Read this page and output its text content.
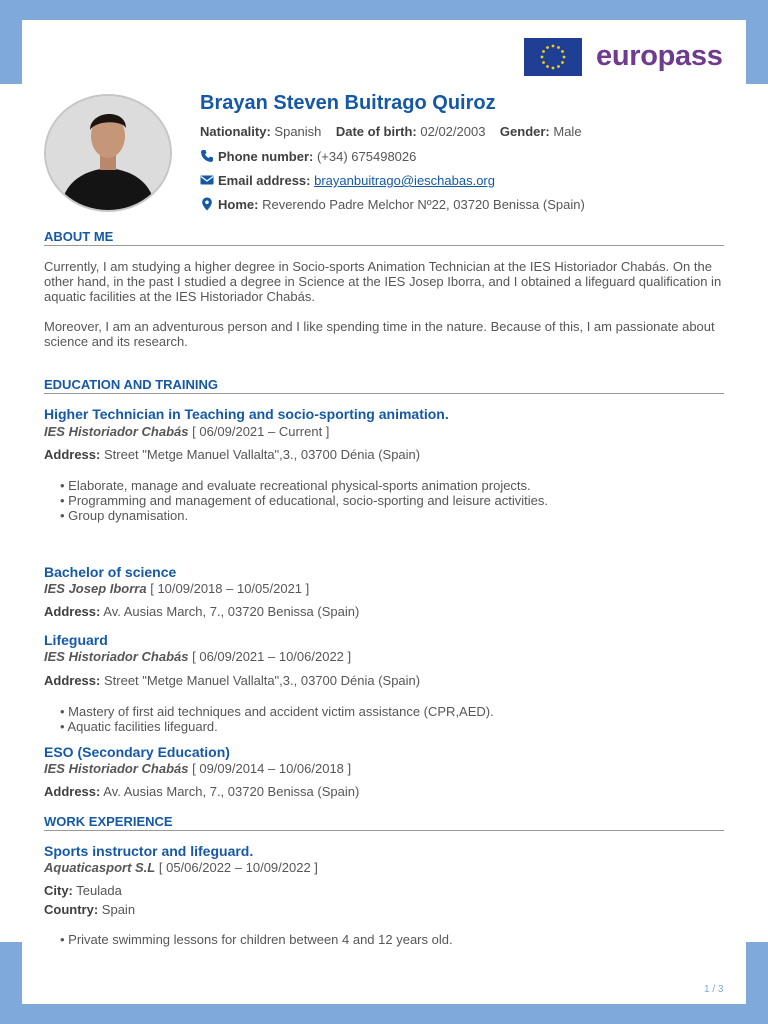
europass
Brayan Steven Buitrago Quiroz
Nationality: Spanish Date of birth: 02/02/2003 Gender: Male
Phone number: (+34) 675498026
Email address: brayanbuitrago@ieschabas.org
Home: Reverendo Padre Melchor Nº22, 03720 Benissa (Spain)
ABOUT ME
Currently, I am studying a higher degree in Socio-sports Animation Technician at the IES Historiador Chabás. On the other hand, in the past I studied a degree in Science at the IES Josep Iborra, and I obtained a lifeguard qualification in aquatic facilities at the IES Historiador Chabás.
Moreover, I am an adventurous person and I like spending time in the nature. Because of this, I am passionate about science and its research.
EDUCATION AND TRAINING
Higher Technician in Teaching and socio-sporting animation.
IES Historiador Chabás [ 06/09/2021 – Current ]
Address: Street "Metge Manuel Vallalta",3., 03700 Dénia (Spain)
• Elaborate, manage and evaluate recreational physical-sports animation projects.
• Programming and management of educational, socio-sporting and leisure activities.
• Group dynamisation.
Bachelor of science
IES Josep Iborra [ 10/09/2018 – 10/05/2021 ]
Address: Av. Ausias March, 7., 03720 Benissa (Spain)
Lifeguard
IES Historiador Chabás [ 06/09/2021 – 10/06/2022 ]
Address: Street "Metge Manuel Vallalta",3., 03700 Dénia (Spain)
• Mastery of first aid techniques and accident victim assistance (CPR,AED).
• Aquatic facilities lifeguard.
ESO (Secondary Education)
IES Historiador Chabás [ 09/09/2014 – 10/06/2018 ]
Address: Av. Ausias March, 7., 03720 Benissa (Spain)
WORK EXPERIENCE
Sports instructor and lifeguard.
Aquaticasport S.L [ 05/06/2022 – 10/09/2022 ]
City: Teulada
Country: Spain
• Private swimming lessons for children between 4 and 12 years old.
1 / 3
